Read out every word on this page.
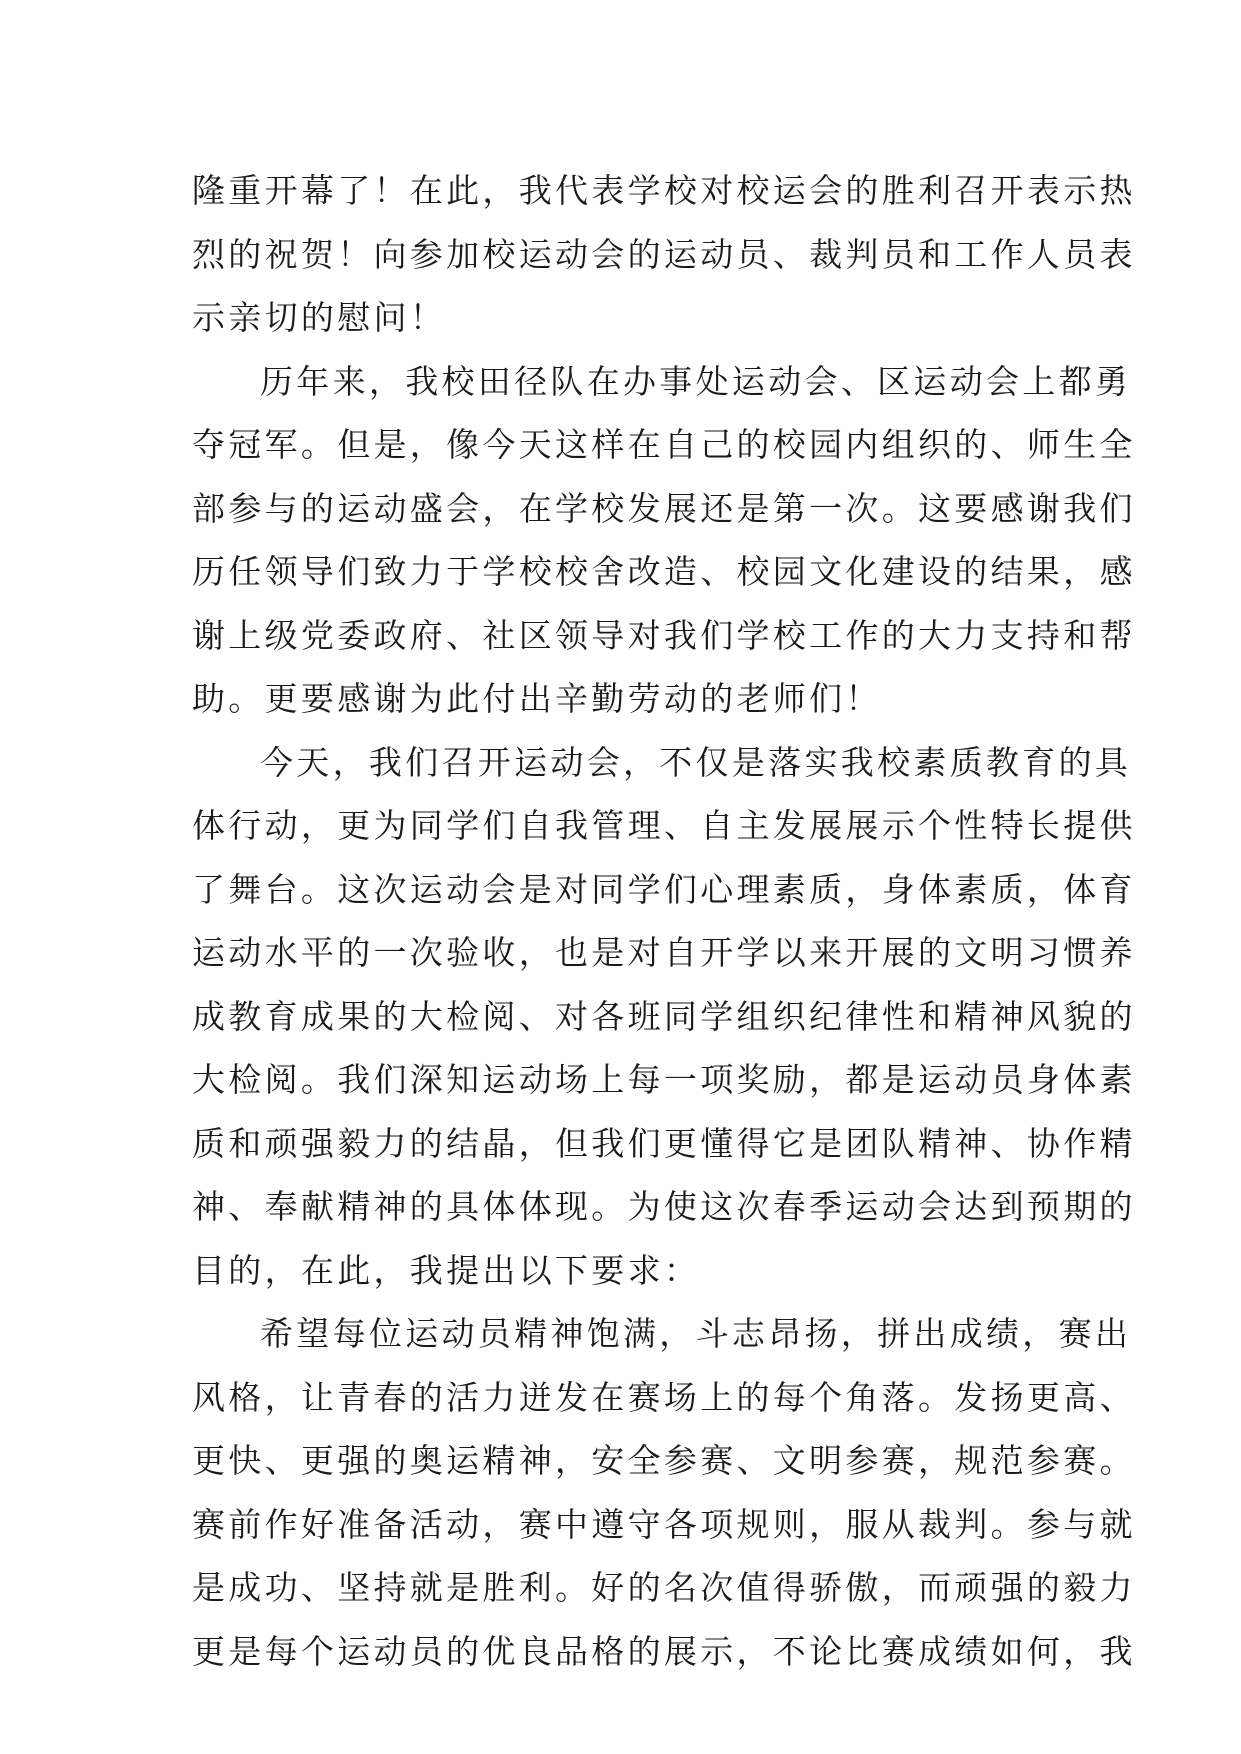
隆重开幕了！在此，我代表学校对校运会的胜利召开表示热
烈的祝贺！向参加校运动会的运动员、裁判员和工作人员表
示亲切的慰问！
历年来，我校田径队在办事处运动会、区运动会上都勇
夺冠军。但是，像今天这样在自己的校园内组织的、师生全
部参与的运动盛会，在学校发展还是第一次。这要感谢我们
历任领导们致力于学校校舍改造、校园文化建设的结果，感
谢上级党委政府、社区领导对我们学校工作的大力支持和帮
助。更要感谢为此付出辛勤劳动的老师们！
今天，我们召开运动会，不仅是落实我校素质教育的具
体行动，更为同学们自我管理、自主发展展示个性特长提供
了舞台。这次运动会是对同学们心理素质，身体素质，体育
运动水平的一次验收，也是对自开学以来开展的文明习惯养
成教育成果的大检阅、对各班同学组织纪律性和精神风貌的
大检阅。我们深知运动场上每一项奖励，都是运动员身体素
质和顽强毅力的结晶，但我们更懂得它是团队精神、协作精
神、奉献精神的具体体现。为使这次春季运动会达到预期的
目的，在此，我提出以下要求：
希望每位运动员精神饱满，斗志昂扬，拼出成绩，赛出
风格，让青春的活力迸发在赛场上的每个角落。发扬更高、
更快、更强的奥运精神，安全参赛、文明参赛，规范参赛。
赛前作好准备活动，赛中遵守各项规则，服从裁判。参与就
是成功、坚持就是胜利。好的名次值得骄傲，而顽强的毅力
更是每个运动员的优良品格的展示，不论比赛成绩如何，我
